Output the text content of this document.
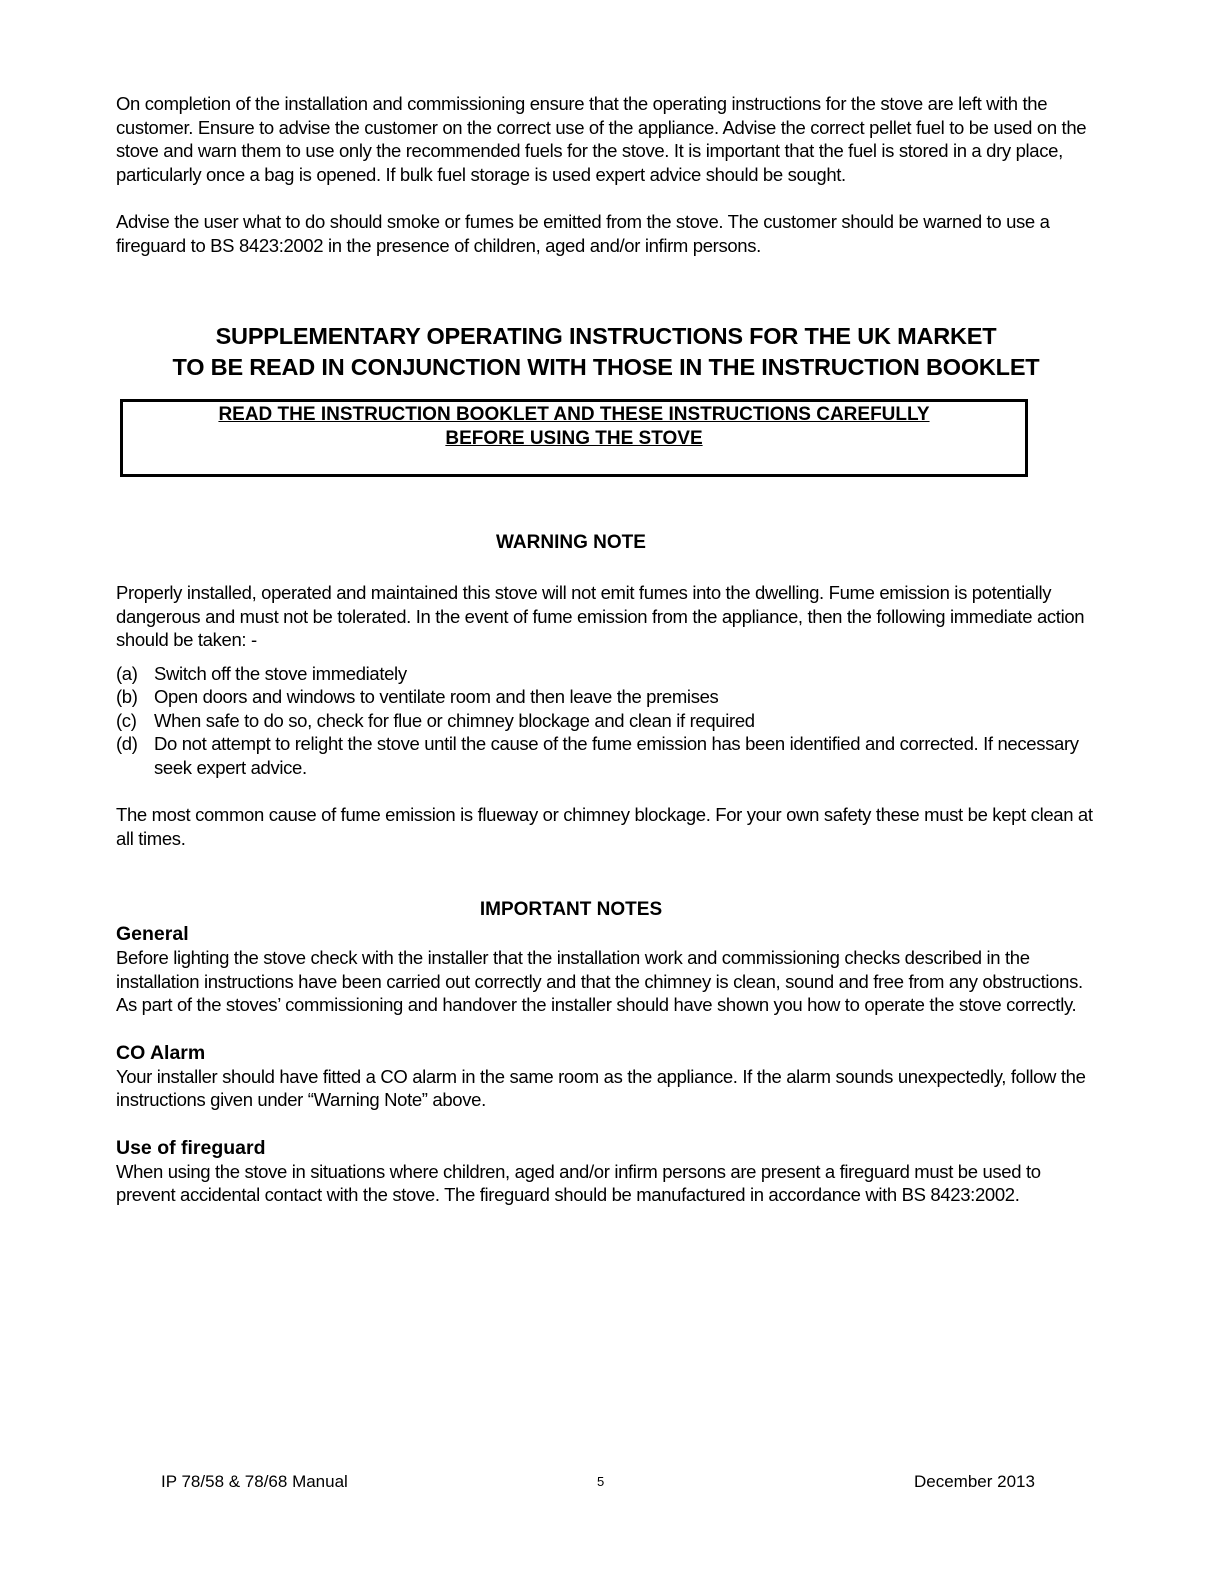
On completion of the installation and commissioning ensure that the operating instructions for the stove are left with the customer. Ensure to advise the customer on the correct use of the appliance. Advise the correct pellet fuel to be used on the stove and warn them to use only the recommended fuels for the stove. It is important that the fuel is stored in a dry place, particularly once a bag is opened. If bulk fuel storage is used expert advice should be sought.

Advise the user what to do should smoke or fumes be emitted from the stove. The customer should be warned to use a fireguard to BS 8423:2002 in the presence of children, aged and/or infirm persons.

SUPPLEMENTARY OPERATING INSTRUCTIONS FOR THE UK MARKET
TO BE READ IN CONJUNCTION WITH THOSE IN THE INSTRUCTION BOOKLET
READ THE INSTRUCTION BOOKLET AND THESE INSTRUCTIONS CAREFULLY
BEFORE USING THE STOVE
WARNING NOTE

Properly installed, operated and maintained this stove will not emit fumes into the dwelling. Fume emission is potentially dangerous and must not be tolerated. In the event of fume emission from the appliance, then the following immediate action should be taken: -

(a) Switch off the stove immediately
(b) Open doors and windows to ventilate room and then leave the premises
(c) When safe to do so, check for flue or chimney blockage and clean if required
(d) Do not attempt to relight the stove until the cause of the fume emission has been identified and corrected. If necessary seek expert advice.

The most common cause of fume emission is flueway or chimney blockage. For your own safety these must be kept clean at all times.

IMPORTANT NOTES
General

Before lighting the stove check with the installer that the installation work and commissioning checks described in the installation instructions have been carried out correctly and that the chimney is clean, sound and free from any obstructions. As part of the stoves’ commissioning and handover the installer should have shown you how to operate the stove correctly.

CO Alarm

Your installer should have fitted a CO alarm in the same room as the appliance. If the alarm sounds unexpectedly, follow the instructions given under “Warning Note” above.

Use of fireguard

When using the stove in situations where children, aged and/or infirm persons are present a fireguard must be used to prevent accidental contact with the stove. The fireguard should be manufactured in accordance with BS 8423:2002.

IP 78/58 & 78/68 Manual	5	December 2013
